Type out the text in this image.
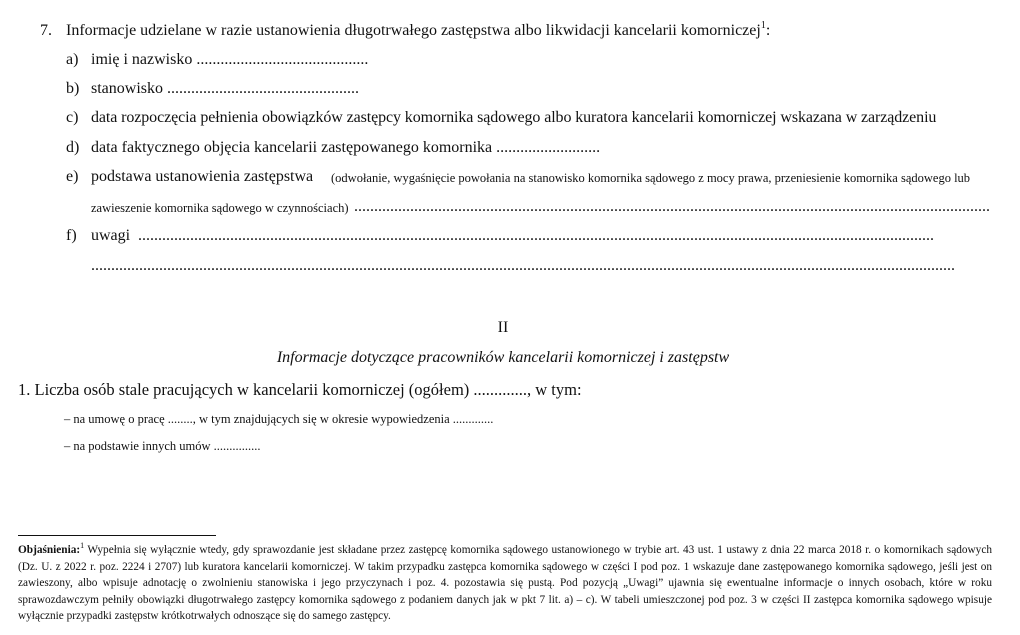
7. Informacje udzielane w razie ustanowienia długotrwałego zastępstwa albo likwidacji kancelarii komorniczej$^1$:
a) imię i nazwisko ...........................................
b) stanowisko ................................................
c) data rozpoczęcia pełnienia obowiązków zastępcy komornika sądowego albo kuratora kancelarii komorniczej wskazana w zarządzeniu
d) data faktycznego objęcia kancelarii zastępowanego komornika ..........................
e) podstawa ustanowienia zastępstwa (odwołanie, wygaśnięcie powołania na stanowisko komornika sądowego z mocy prawa, przeniesienie komornika sądowego lub
zawieszenie komornika sądowego w czynnościach) ...............................................................................................................................................................
f) uwagi .......................................................................................................................................................................................................
........................................................................................................................................................................................................................
II
Informacje dotyczące pracowników kancelarii komorniczej i zastępstw
1. Liczba osób stale pracujących w kancelarii komorniczej (ogółem) ............., w tym:
– na umowę o pracę ........, w tym znajdujących się w okresie wypowiedzenia .............
– na podstawie innych umów ...............

Objaśnienia:$^1$ Wypełnia się wyłącznie wtedy, gdy sprawozdanie jest składane przez zastępcę komornika sądowego ustanowionego w trybie art. 43 ust. 1 ustawy z dnia 22 marca 2018 r. o komornikach sądowych (Dz. U. z 2022 r. poz. 2224 i 2707) lub kuratora kancelarii komorniczej. W takim przypadku zastępca komornika sądowego w części I pod poz. 1 wskazuje dane zastępowanego komornika sądowego, jeśli jest on zawieszony, albo wpisuje adnotację o zwolnieniu stanowiska i jego przyczynach i poz. 4. pozostawia się pustą. Pod pozycją „Uwagi” ujawnia się ewentualne informacje o innych osobach, które w roku sprawozdawczym pełniły obowiązki długotrwałego zastępcy komornika sądowego z podaniem danych jak w pkt 7 lit. a) – c). W tabeli umieszczonej pod poz. 3 w części II zastępca komornika sądowego wpisuje wyłącznie przypadki zastępstw krótkotrwałych odnoszące się do samego zastępcy.
